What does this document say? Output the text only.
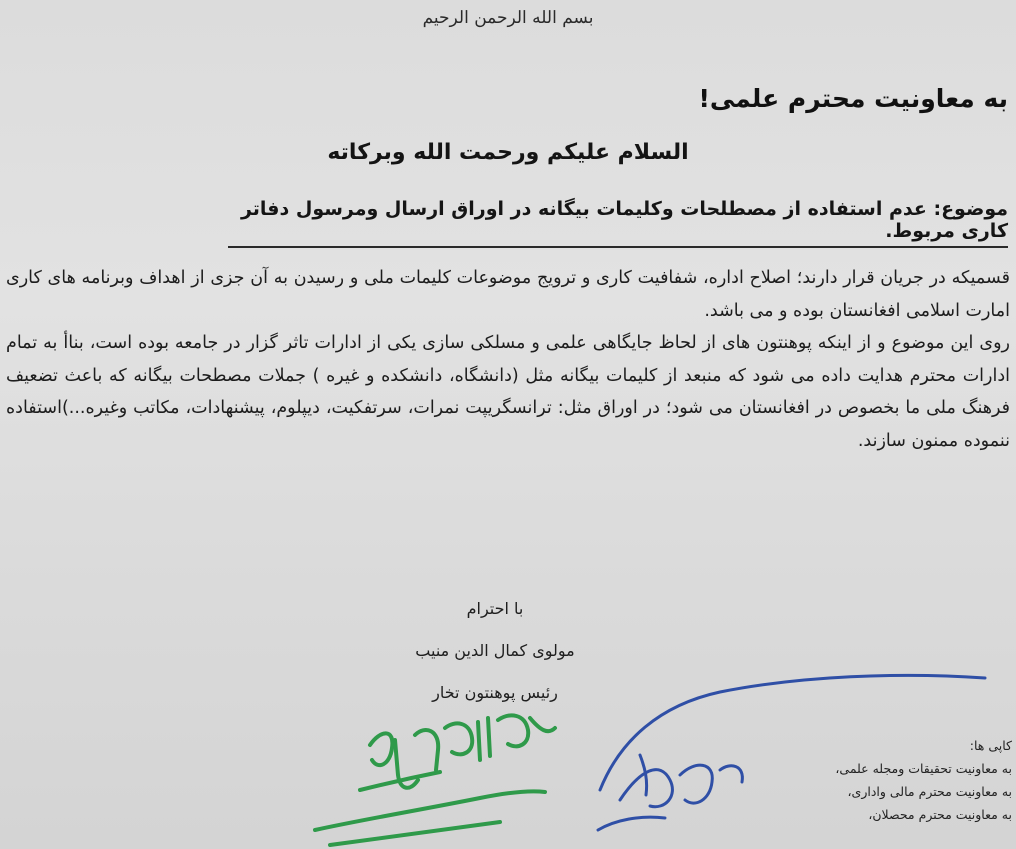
بسم الله الرحمن الرحیم
به معاونیت محترم علمی!
السلام علیکم ورحمت الله وبرکاته
موضوع: عدم استفاده از مصطلحات وکلیمات بیگانه در اوراق ارسال ومرسول دفاتر کاری مربوط.

قسمیکه در جریان قرار دارند؛ اصلاح اداره، شفافیت کاری و ترویج موضوعات کلیمات ملی و رسیدن به آن جزی از اهداف وبرنامه های کاری امارت اسلامی افغانستان بوده و می باشد.

روی این موضوع و از اینکه پوهنتون های از لحاظ جایگاهی علمی و مسلکی سازی یکی از ادارات تاثر گزار در جامعه بوده است، بناأ به تمام ادارات محترم هدایت داده می شود که منبعد از کلیمات بیگانه مثل (دانشگاه، دانشکده و غیره ) جملات مصطحات بیگانه که باعث تضعیف فرهنگ ملی ما بخصوص در افغانستان می شود؛ در اوراق مثل: ترانسگریپت نمرات، سرتفکیت، دیپلوم، پیشنهادات، مکاتب وغیره...)استفاده ننموده ممنون سازند.

با احترام
مولوی کمال الدین منیب
رئیس پوهنتون تخار
کاپی ها:
به معاونیت تحقیقات ومجله علمی،
به معاونیت محترم مالی واداری،
به معاونیت محترم محصلان،
